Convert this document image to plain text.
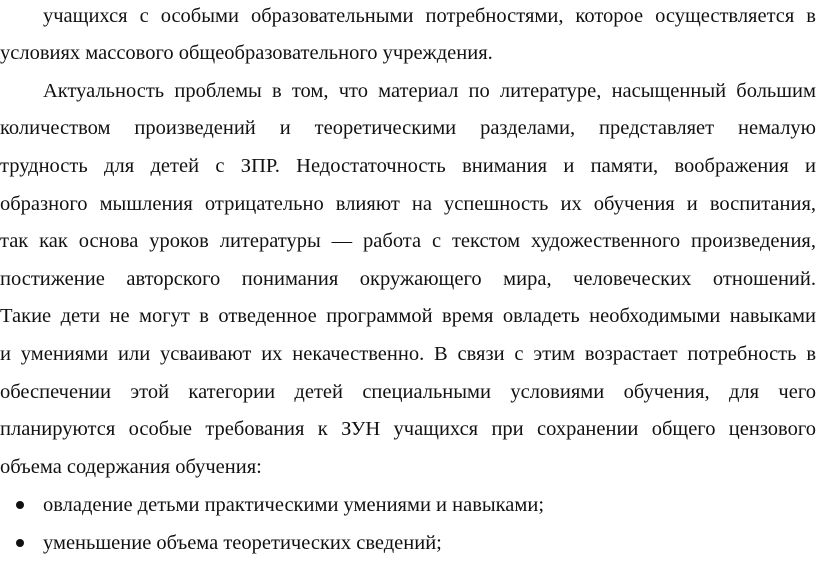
учащихся с особыми образовательными потребностями, которое осуществляется в
условиях массового общеобразовательного учреждения.
Актуальность проблемы в том, что материал по литературе, насыщенный большим
количеством произведений и теоретическими разделами, представляет немалую
трудность для детей с ЗПР. Недостаточность внимания и памяти, воображения и
образного мышления отрицательно влияют на успешность их обучения и воспитания,
так как основа уроков литературы — работа с текстом художественного произведения,
постижение авторского понимания окружающего мира, человеческих отношений.
Такие дети не могут в отведенное программой время овладеть необходимыми навыками
и умениями или усваивают их некачественно. В связи с этим возрастает потребность в
обеспечении этой категории детей специальными условиями обучения, для чего
планируются особые требования к ЗУН учащихся при сохранении общего цензового
объема содержания обучения:
овладение детьми практическими умениями и навыками;
уменьшение объема теоретических сведений;
